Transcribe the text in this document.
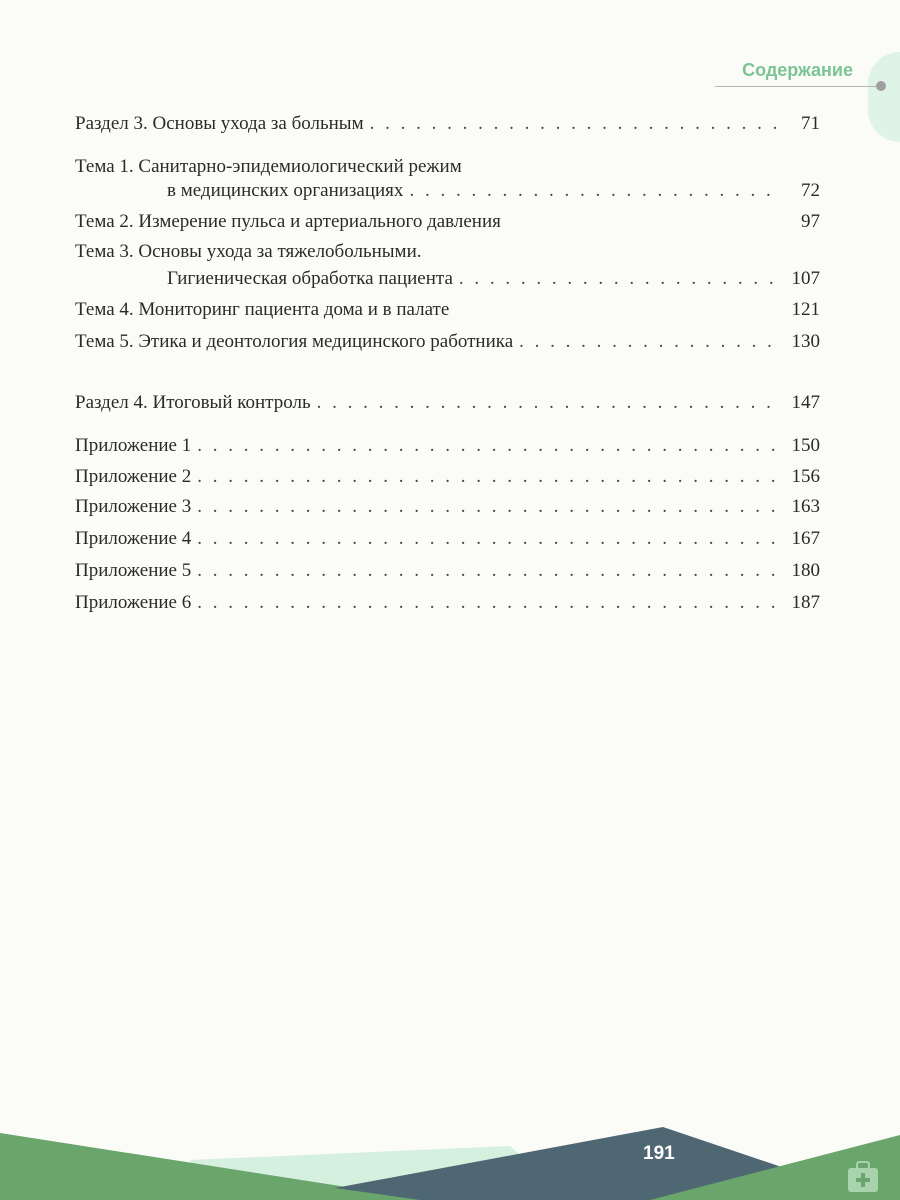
Содержание
Раздел 3. Основы ухода за больным . . .	71
Тема 1. Санитарно-эпидемиологический режим
в медицинских организациях . . .	72
Тема 2. Измерение пульса и артериального давления	97
Тема 3. Основы ухода за тяжелобольными.
Гигиеническая обработка пациента . . .	107
Тема 4. Мониторинг пациента дома и в палате	121
Тема 5. Этика и деонтология медицинского работника . . .	130
Раздел 4. Итоговый контроль . . .	147
Приложение 1 . . .	150
Приложение 2 . . .	156
Приложение 3 . . .	163
Приложение 4 . . .	167
Приложение 5 . . .	180
Приложение 6 . . .	187
191
